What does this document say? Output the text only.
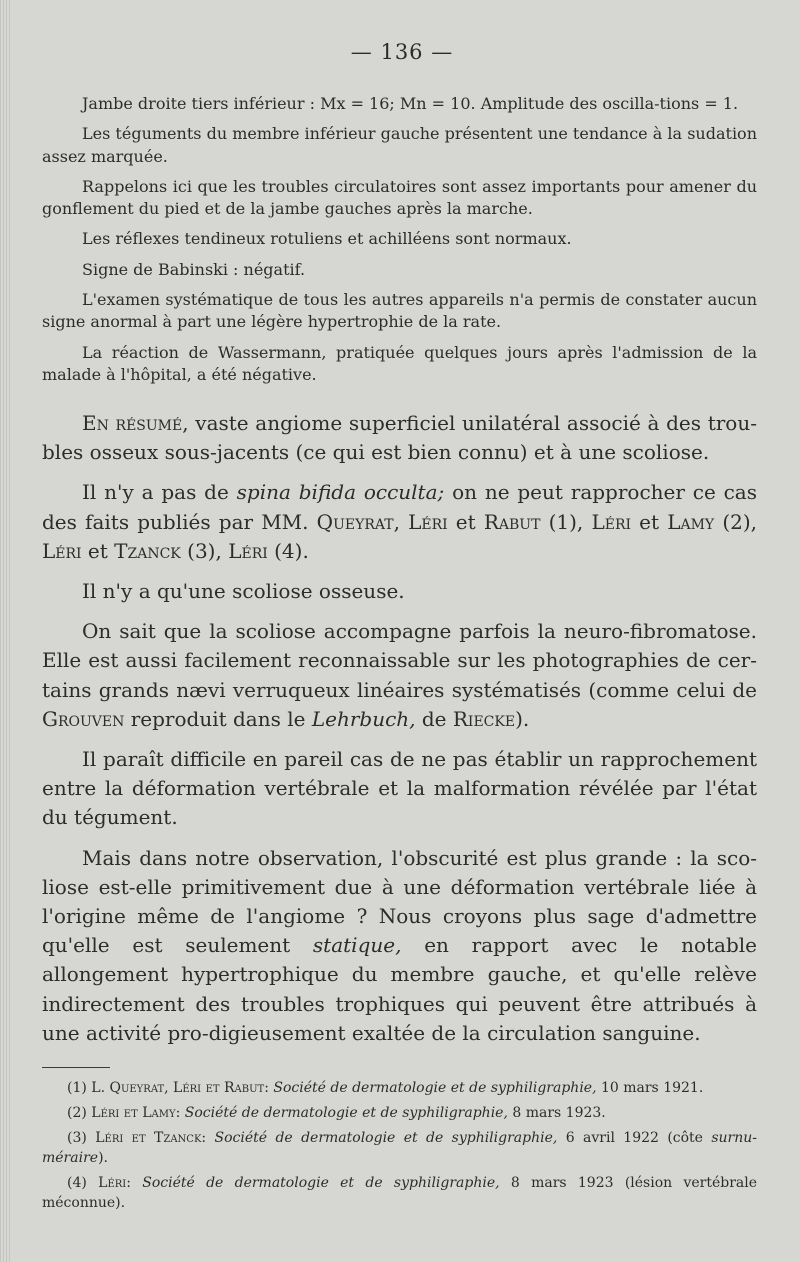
— 136 —

Jambe droite tiers inférieur : Mx = 16; Mn = 10. Amplitude des oscilla-tions = 1.

Les téguments du membre inférieur gauche présentent une tendance à la sudation assez marquée.

Rappelons ici que les troubles circulatoires sont assez importants pour amener du gonflement du pied et de la jambe gauches après la marche.

Les réflexes tendineux rotuliens et achilléens sont normaux.

Signe de Babinski : négatif.

L'examen systématique de tous les autres appareils n'a permis de constater aucun signe anormal à part une légère hypertrophie de la rate.

La réaction de Wassermann, pratiquée quelques jours après l'admission de la malade à l'hôpital, a été négative.

En résumé, vaste angiome superficiel unilatéral associé à des trou-bles osseux sous-jacents (ce qui est bien connu) et à une scoliose.

Il n'y a pas de spina bifida occulta; on ne peut rapprocher ce cas des faits publiés par MM. Queyrat, Léri et Rabut (1), Léri et Lamy (2), Léri et Tzanck (3), Léri (4).

Il n'y a qu'une scoliose osseuse.

On sait que la scoliose accompagne parfois la neuro-fibromatose. Elle est aussi facilement reconnaissable sur les photographies de cer-tains grands nævi verruqueux linéaires systématisés (comme celui de Grouven reproduit dans le Lehrbuch, de Riecke).

Il paraît difficile en pareil cas de ne pas établir un rapprochement entre la déformation vertébrale et la malformation révélée par l'état du tégument.

Mais dans notre observation, l'obscurité est plus grande : la sco-liose est-elle primitivement due à une déformation vertébrale liée à l'origine même de l'angiome ? Nous croyons plus sage d'admettre qu'elle est seulement statique, en rapport avec le notable allongement hypertrophique du membre gauche, et qu'elle relève indirectement des troubles trophiques qui peuvent être attribués à une activité pro-digieusement exaltée de la circulation sanguine.

(1) L. Queyrat, Léri et Rabut: Société de dermatologie et de syphiligraphie, 10 mars 1921.

(2) Léri et Lamy: Société de dermatologie et de syphiligraphie, 8 mars 1923.

(3) Léri et Tzanck: Société de dermatologie et de syphiligraphie, 6 avril 1922 (côte surnu-méraire).

(4) Léri: Société de dermatologie et de syphiligraphie, 8 mars 1923 (lésion vertébrale méconnue).
